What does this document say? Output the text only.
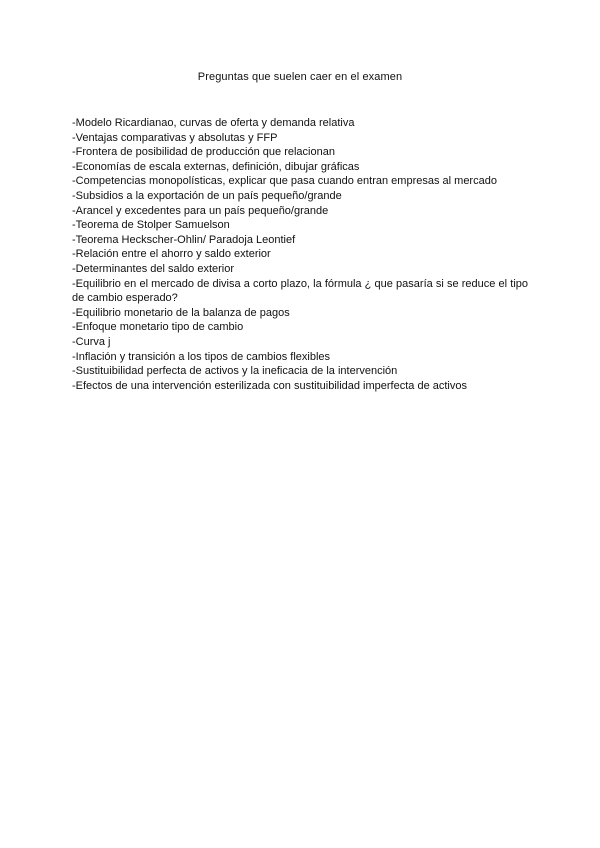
Preguntas que suelen caer en el examen
-Modelo Ricardianao, curvas de oferta y demanda relativa
-Ventajas comparativas y absolutas y FFP
-Frontera de posibilidad de producción que relacionan
-Economías de escala externas, definición, dibujar gráficas
-Competencias monopolísticas, explicar que pasa cuando entran empresas al mercado
-Subsidios a la exportación de un país pequeño/grande
-Arancel y excedentes para un país pequeño/grande
-Teorema de Stolper Samuelson
-Teorema Heckscher-Ohlin/ Paradoja Leontief
-Relación entre el ahorro y saldo exterior
-Determinantes del saldo exterior
-Equilibrio en el mercado de divisa a corto plazo, la fórmula ¿ que pasaría si se reduce el tipo de cambio esperado?
-Equilibrio monetario de la balanza de pagos
-Enfoque monetario tipo de cambio
-Curva j
-Inflación y transición a los tipos de cambios flexibles
-Sustituibilidad perfecta de activos y la ineficacia de la intervención
-Efectos de una intervención esterilizada con sustituibilidad imperfecta de activos
